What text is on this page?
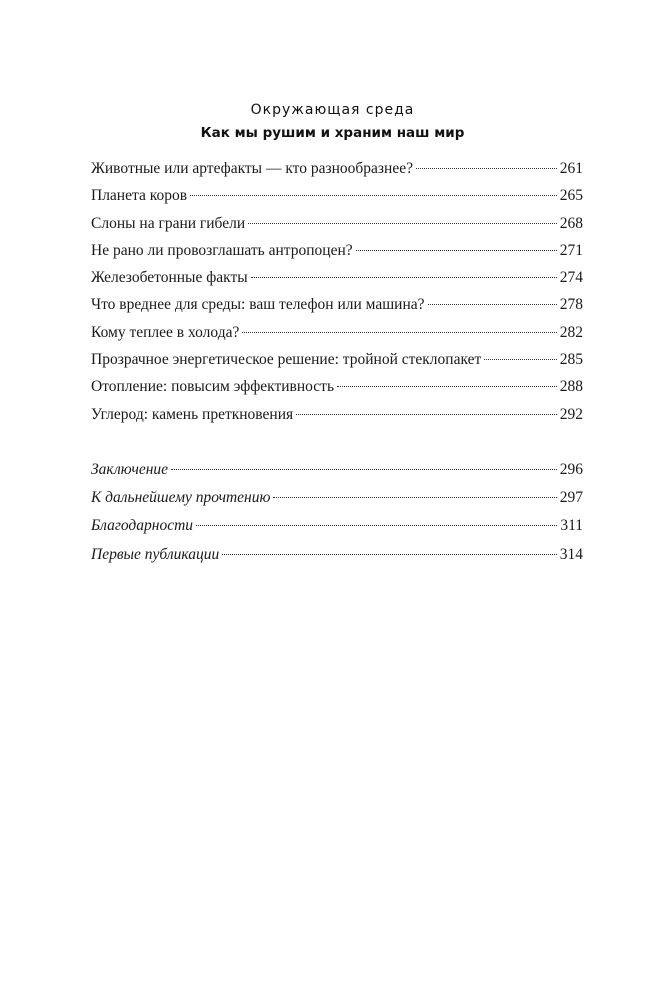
Окружающая среда
Как мы рушим и храним наш мир
Животные или артефакты — кто разнообразнее?	261
Планета коров	265
Слоны на грани гибели	268
Не рано ли провозглашать антропоцен?	271
Железобетонные факты	274
Что вреднее для среды: ваш телефон или машина?	278
Кому теплее в холода?	282
Прозрачное энергетическое решение: тройной стеклопакет	285
Отопление: повысим эффективность	288
Углерод: камень преткновения	292
Заключение	296
К дальнейшему прочтению	297
Благодарности	311
Первые публикации	314
